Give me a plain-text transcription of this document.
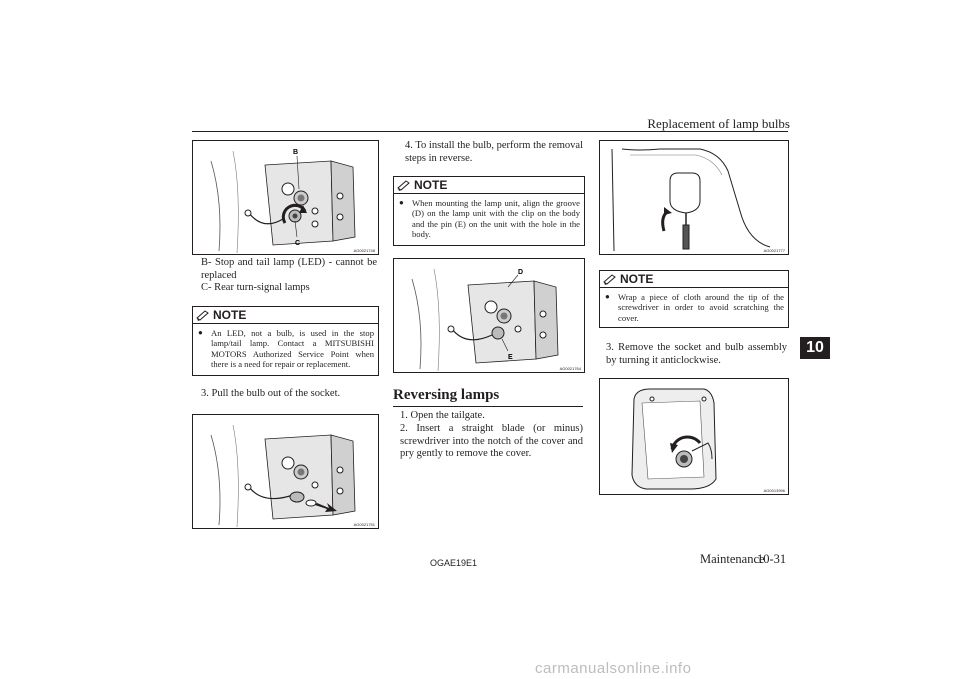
Replacement of lamp bulbs
10
B
C
AG0021748
B- Stop and tail lamp (LED) - cannot be replaced
C- Rear turn-signal lamps
NOTE
● An LED, not a bulb, is used in the stop lamp/tail lamp. Contact a MITSUBISHI MOTORS Authorized Service Point when there is a need for repair or replacement.
3. Pull the bulb out of the socket.
AG0021751
4. To install the bulb, perform the removal steps in reverse.
NOTE
● When mounting the lamp unit, align the groove (D) on the lamp unit with the clip on the body and the pin (E) on the unit with the hole in the body.
D
E
AG0021764
Reversing lamps
1. Open the tailgate.
2. Insert a straight blade (or minus) screwdriver into the notch of the cover and pry gently to remove the cover.
AG0021777
NOTE
● Wrap a piece of cloth around the tip of the screwdriver in order to avoid scratching the cover.
3. Remove the socket and bulb assembly by turning it anticlockwise.
AG0013996
OGAE19E1	Maintenance
10-31
carmanualsonline.info
